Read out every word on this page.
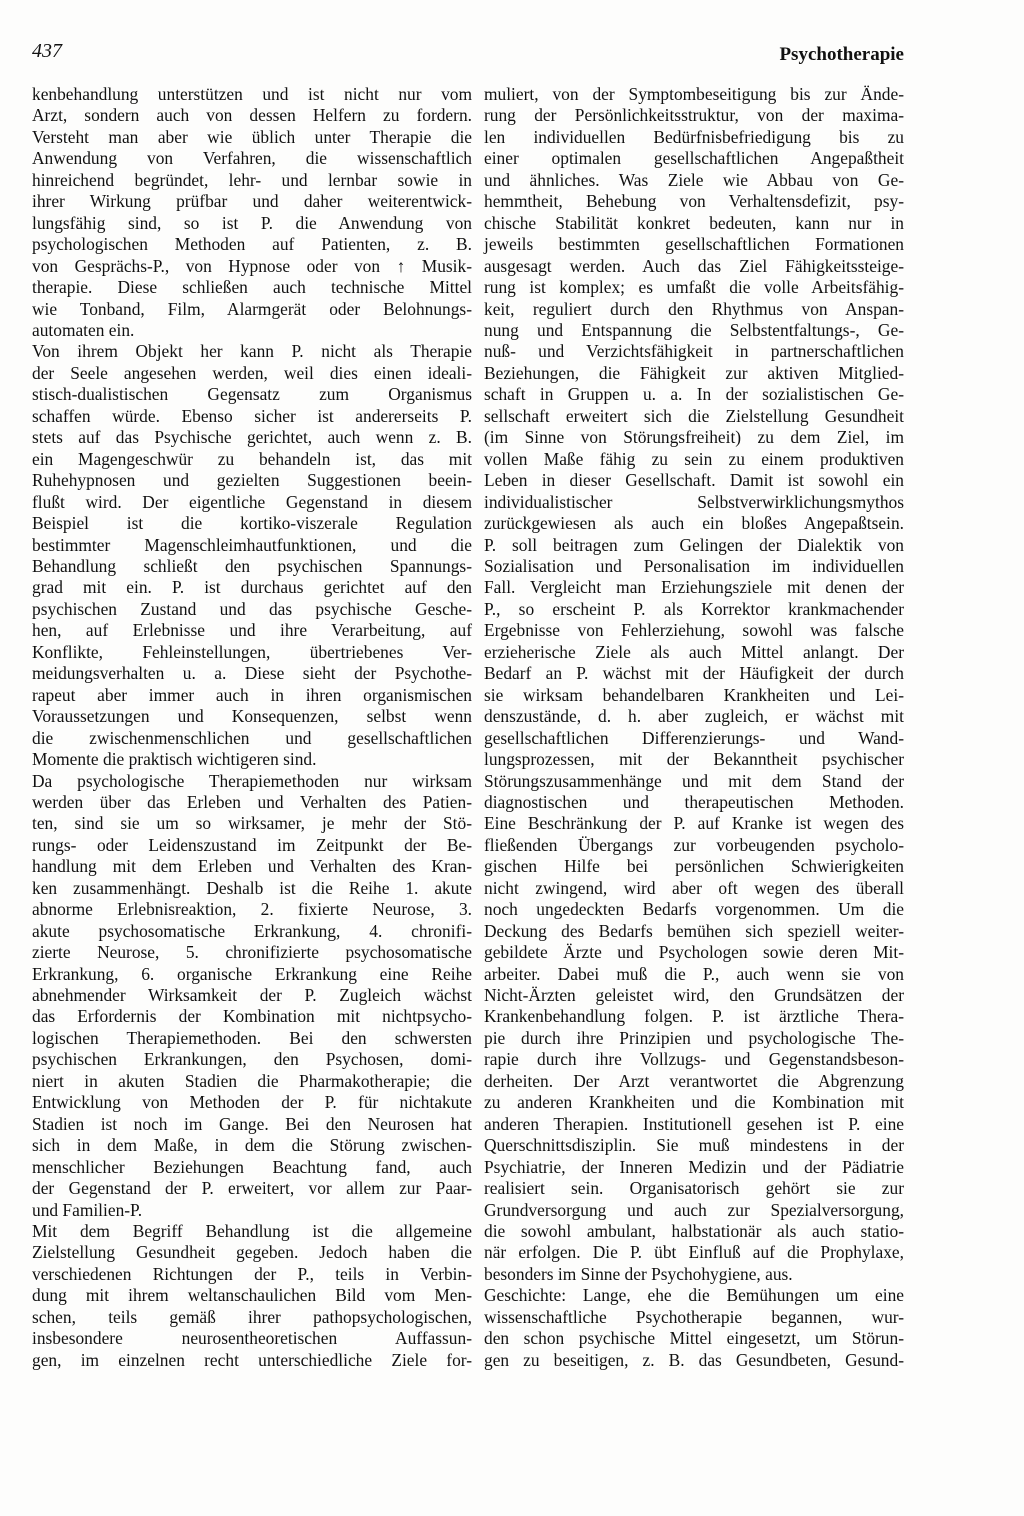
437	Psychotherapie
kenbehandlung unterstützen und ist nicht nur vom
Arzt, sondern auch von dessen Helfern zu fordern.
Versteht man aber wie üblich unter Therapie die
Anwendung von Verfahren, die wissenschaftlich
hinreichend begründet, lehr- und lernbar sowie in
ihrer Wirkung prüfbar und daher weiterentwick-
lungsfähig sind, so ist P. die Anwendung von
psychologischen Methoden auf Patienten, z. B.
von Gesprächs-P., von Hypnose oder von ↑ Musik-
therapie. Diese schließen auch technische Mittel
wie Tonband, Film, Alarmgerät oder Belohnungs-
automaten ein.
Von ihrem Objekt her kann P. nicht als Therapie
der Seele angesehen werden, weil dies einen ideali-
stisch-dualistischen Gegensatz zum Organismus
schaffen würde. Ebenso sicher ist andererseits P.
stets auf das Psychische gerichtet, auch wenn z. B.
ein Magengeschwür zu behandeln ist, das mit
Ruhehypnosen und gezielten Suggestionen beein-
flußt wird. Der eigentliche Gegenstand in diesem
Beispiel ist die kortiko-viszerale Regulation
bestimmter Magenschleimhautfunktionen, und die
Behandlung schließt den psychischen Spannungs-
grad mit ein. P. ist durchaus gerichtet auf den
psychischen Zustand und das psychische Gesche-
hen, auf Erlebnisse und ihre Verarbeitung, auf
Konflikte, Fehleinstellungen, übertriebenes Ver-
meidungsverhalten u. a. Diese sieht der Psychothe-
rapeut aber immer auch in ihren organismischen
Voraussetzungen und Konsequenzen, selbst wenn
die zwischenmenschlichen und gesellschaftlichen
Momente die praktisch wichtigeren sind.
Da psychologische Therapiemethoden nur wirksam
werden über das Erleben und Verhalten des Patien-
ten, sind sie um so wirksamer, je mehr der Stö-
rungs- oder Leidenszustand im Zeitpunkt der Be-
handlung mit dem Erleben und Verhalten des Kran-
ken zusammenhängt. Deshalb ist die Reihe 1. akute
abnorme Erlebnisreaktion, 2. fixierte Neurose, 3.
akute psychosomatische Erkrankung, 4. chronifi-
zierte Neurose, 5. chronifizierte psychosomatische
Erkrankung, 6. organische Erkrankung eine Reihe
abnehmender Wirksamkeit der P. Zugleich wächst
das Erfordernis der Kombination mit nichtpsycho-
logischen Therapiemethoden. Bei den schwersten
psychischen Erkrankungen, den Psychosen, domi-
niert in akuten Stadien die Pharmakotherapie; die
Entwicklung von Methoden der P. für nichtakute
Stadien ist noch im Gange. Bei den Neurosen hat
sich in dem Maße, in dem die Störung zwischen-
menschlicher Beziehungen Beachtung fand, auch
der Gegenstand der P. erweitert, vor allem zur Paar-
und Familien-P.
Mit dem Begriff Behandlung ist die allgemeine
Zielstellung Gesundheit gegeben. Jedoch haben die
verschiedenen Richtungen der P., teils in Verbin-
dung mit ihrem weltanschaulichen Bild vom Men-
schen, teils gemäß ihrer pathopsychologischen,
insbesondere neurosentheoretischen Auffassun-
gen, im einzelnen recht unterschiedliche Ziele for-
muliert, von der Symptombeseitigung bis zur Ände-
rung der Persönlichkeitsstruktur, von der maxima-
len individuellen Bedürfnisbefriedigung bis zu
einer optimalen gesellschaftlichen Angepaßtheit
und ähnliches. Was Ziele wie Abbau von Ge-
hemmtheit, Behebung von Verhaltensdefizit, psy-
chische Stabilität konkret bedeuten, kann nur in
jeweils bestimmten gesellschaftlichen Formationen
ausgesagt werden. Auch das Ziel Fähigkeitssteige-
rung ist komplex; es umfaßt die volle Arbeitsfähig-
keit, reguliert durch den Rhythmus von Anspan-
nung und Entspannung die Selbstentfaltungs-, Ge-
nuß- und Verzichtsfähigkeit in partnerschaftlichen
Beziehungen, die Fähigkeit zur aktiven Mitglied-
schaft in Gruppen u. a. In der sozialistischen Ge-
sellschaft erweitert sich die Zielstellung Gesundheit
(im Sinne von Störungsfreiheit) zu dem Ziel, im
vollen Maße fähig zu sein zu einem produktiven
Leben in dieser Gesellschaft. Damit ist sowohl ein
individualistischer Selbstverwirklichungsmythos
zurückgewiesen als auch ein bloßes Angepaßtsein.
P. soll beitragen zum Gelingen der Dialektik von
Sozialisation und Personalisation im individuellen
Fall. Vergleicht man Erziehungsziele mit denen der
P., so erscheint P. als Korrektor krankmachender
Ergebnisse von Fehlerziehung, sowohl was falsche
erzieherische Ziele als auch Mittel anlangt. Der
Bedarf an P. wächst mit der Häufigkeit der durch
sie wirksam behandelbaren Krankheiten und Lei-
denszustände, d. h. aber zugleich, er wächst mit
gesellschaftlichen Differenzierungs- und Wand-
lungsprozessen, mit der Bekanntheit psychischer
Störungszusammenhänge und mit dem Stand der
diagnostischen und therapeutischen Methoden.
Eine Beschränkung der P. auf Kranke ist wegen des
fließenden Übergangs zur vorbeugenden psycholo-
gischen Hilfe bei persönlichen Schwierigkeiten
nicht zwingend, wird aber oft wegen des überall
noch ungedeckten Bedarfs vorgenommen. Um die
Deckung des Bedarfs bemühen sich speziell weiter-
gebildete Ärzte und Psychologen sowie deren Mit-
arbeiter. Dabei muß die P., auch wenn sie von
Nicht-Ärzten geleistet wird, den Grundsätzen der
Krankenbehandlung folgen. P. ist ärztliche Thera-
pie durch ihre Prinzipien und psychologische The-
rapie durch ihre Vollzugs- und Gegenstandsbeson-
derheiten. Der Arzt verantwortet die Abgrenzung
zu anderen Krankheiten und die Kombination mit
anderen Therapien. Institutionell gesehen ist P. eine
Querschnittsdisziplin. Sie muß mindestens in der
Psychiatrie, der Inneren Medizin und der Pädiatrie
realisiert sein. Organisatorisch gehört sie zur
Grundversorgung und auch zur Spezialversorgung,
die sowohl ambulant, halbstationär als auch statio-
när erfolgen. Die P. übt Einfluß auf die Prophylaxe,
besonders im Sinne der Psychohygiene, aus.
Geschichte: Lange, ehe die Bemühungen um eine
wissenschaftliche Psychotherapie begannen, wur-
den schon psychische Mittel eingesetzt, um Störun-
gen zu beseitigen, z. B. das Gesundbeten, Gesund-
